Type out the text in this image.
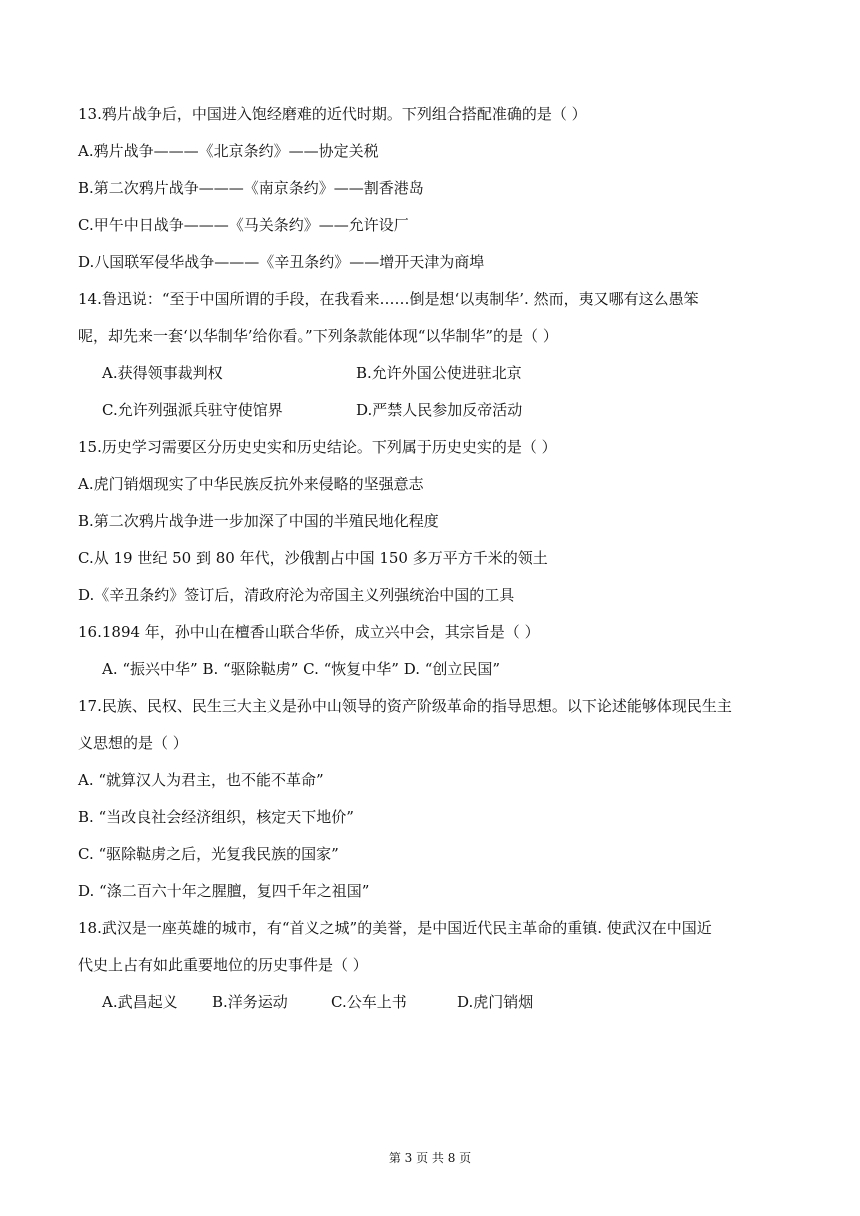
13.鸦片战争后，中国进入饱经磨难的近代时期。下列组合搭配准确的是（ ）
A.鸦片战争———《北京条约》——协定关税
B.第二次鸦片战争———《南京条约》——割香港岛
C.甲午中日战争———《马关条约》——允许设厂
D.八国联军侵华战争———《辛丑条约》——增开天津为商埠
14.鲁迅说：“至于中国所谓的手段，在我看来……倒是想‘以夷制华’. 然而，夷又哪有这么愚笨
呢，却先来一套‘以华制华’给你看。”下列条款能体现“以华制华”的是（ ）
A.获得领事裁判权	B.允许外国公使进驻北京
C.允许列强派兵驻守使馆界	D.严禁人民参加反帝活动
15.历史学习需要区分历史史实和历史结论。下列属于历史史实的是（ ）
A.虎门销烟现实了中华民族反抗外来侵略的坚强意志
B.第二次鸦片战争进一步加深了中国的半殖民地化程度
C.从 19 世纪 50 到 80 年代，沙俄割占中国 150 多万平方千米的领土
D.《辛丑条约》签订后，清政府沦为帝国主义列强统治中国的工具
16.1894 年，孙中山在檀香山联合华侨，成立兴中会，其宗旨是（ ）
A. “振兴中华” B. “驱除鞑虏” C. “恢复中华” D. “创立民国”
17.民族、民权、民生三大主义是孙中山领导的资产阶级革命的指导思想。以下论述能够体现民生主
义思想的是（ ）
A. “就算汉人为君主，也不能不革命”
B. “当改良社会经济组织，核定天下地价”
C. “驱除鞑虏之后，光复我民族的国家”
D. “涤二百六十年之腥膻，复四千年之祖国”
18.武汉是一座英雄的城市，有“首义之城”的美誉，是中国近代民主革命的重镇. 使武汉在中国近
代史上占有如此重要地位的历史事件是（ ）
A.武昌起义 B.洋务运动	C.公车上书	D.虎门销烟
第 3 页 共 8 页
